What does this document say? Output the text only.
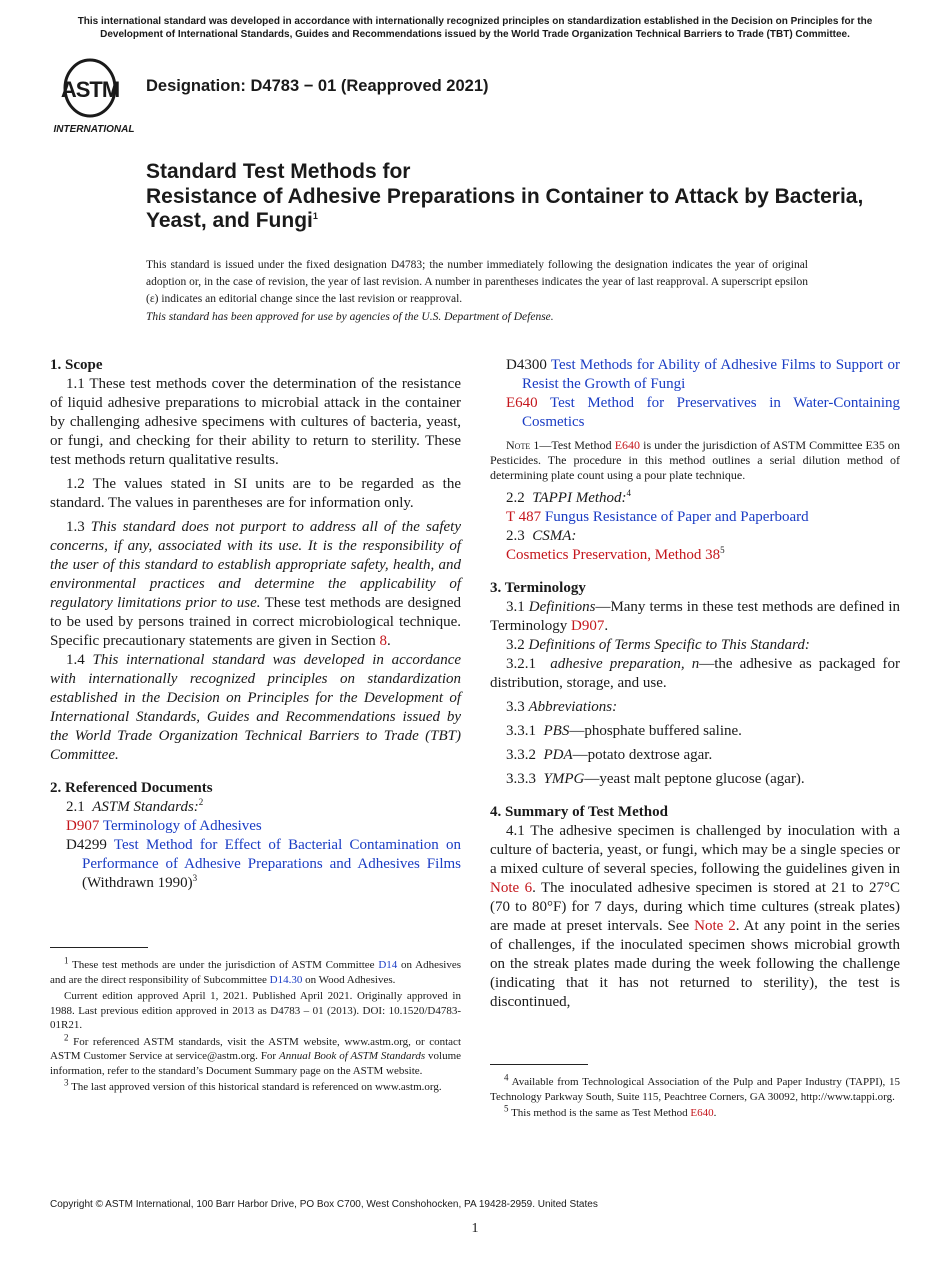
This international standard was developed in accordance with internationally recognized principles on standardization established in the Decision on Principles for the Development of International Standards, Guides and Recommendations issued by the World Trade Organization Technical Barriers to Trade (TBT) Committee.
ASTM
INTERNATIONAL
Designation: D4783 − 01 (Reapproved 2021)
Standard Test Methods for
Resistance of Adhesive Preparations in Container to Attack by Bacteria, Yeast, and Fungi$^1$
This standard is issued under the fixed designation D4783; the number immediately following the designation indicates the year of original adoption or, in the case of revision, the year of last revision. A number in parentheses indicates the year of last reapproval. A superscript epsilon (ε) indicates an editorial change since the last revision or reapproval.
This standard has been approved for use by agencies of the U.S. Department of Defense.

1. Scope

1.1 These test methods cover the determination of the resistance of liquid adhesive preparations to microbial attack in the container by challenging adhesive specimens with cultures of bacteria, yeast, or fungi, and checking for their ability to return to sterility. These test methods return qualitative results.

1.2 The values stated in SI units are to be regarded as the standard. The values in parentheses are for information only.

1.3 This standard does not purport to address all of the safety concerns, if any, associated with its use. It is the responsibility of the user of this standard to establish appropriate safety, health, and environmental practices and determine the applicability of regulatory limitations prior to use. These test methods are designed to be used by persons trained in correct microbiological technique. Specific precautionary statements are given in Section 8.

1.4 This international standard was developed in accordance with internationally recognized principles on standardization established in the Decision on Principles for the Development of International Standards, Guides and Recommendations issued by the World Trade Organization Technical Barriers to Trade (TBT) Committee.

2. Referenced Documents

2.1 ASTM Standards:$^2$

D907 Terminology of Adhesives

D4299 Test Method for Effect of Bacterial Contamination on Performance of Adhesive Preparations and Adhesives Films (Withdrawn 1990)$^3$

$^1$ These test methods are under the jurisdiction of ASTM Committee D14 on Adhesives and are the direct responsibility of Subcommittee D14.30 on Wood Adhesives.

Current edition approved April 1, 2021. Published April 2021. Originally approved in 1988. Last previous edition approved in 2013 as D4783 – 01 (2013). DOI: 10.1520/D4783-01R21.

$^2$ For referenced ASTM standards, visit the ASTM website, www.astm.org, or contact ASTM Customer Service at service@astm.org. For Annual Book of ASTM Standards volume information, refer to the standard’s Document Summary page on the ASTM website.

$^3$ The last approved version of this historical standard is referenced on www.astm.org.

D4300 Test Methods for Ability of Adhesive Films to Support or Resist the Growth of Fungi

E640 Test Method for Preservatives in Water-Containing Cosmetics

Note 1—Test Method E640 is under the jurisdiction of ASTM Committee E35 on Pesticides. The procedure in this method outlines a serial dilution method of determining plate count using a pour plate technique.

2.2 TAPPI Method:$^4$

T 487 Fungus Resistance of Paper and Paperboard

2.3 CSMA:

Cosmetics Preservation, Method $38^5$

3. Terminology

3.1 Definitions—Many terms in these test methods are defined in Terminology D907.

3.2 Definitions of Terms Specific to This Standard:

3.2.1 adhesive preparation, n—the adhesive as packaged for distribution, storage, and use.

3.3 Abbreviations:

3.3.1 PBS—phosphate buffered saline.

3.3.2 PDA—potato dextrose agar.

3.3.3 YMPG—yeast malt peptone glucose (agar).

4. Summary of Test Method

4.1 The adhesive specimen is challenged by inoculation with a culture of bacteria, yeast, or fungi, which may be a single species or a mixed culture of several species, following the guidelines given in Note 6. The inoculated adhesive specimen is stored at 21 to 27°C (70 to 80°F) for 7 days, during which time cultures (streak plates) are made at preset intervals. See Note 2. At any point in the series of challenges, if the inoculated specimen shows microbial growth on the streak plates made during the week following the challenge (indicating that it has not returned to sterility), the test is discontinued,

$^4$ Available from Technological Association of the Pulp and Paper Industry (TAPPI), 15 Technology Parkway South, Suite 115, Peachtree Corners, GA 30092, http://www.tappi.org.

$^5$ This method is the same as Test Method E640.

Copyright © ASTM International, 100 Barr Harbor Drive, PO Box C700, West Conshohocken, PA 19428-2959. United States
1
